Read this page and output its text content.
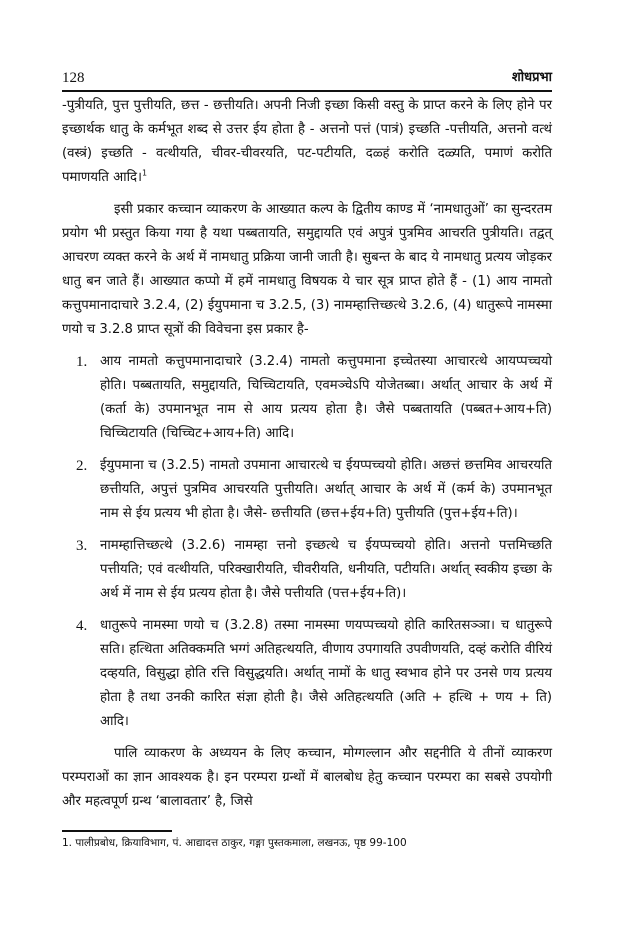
128	शोधप्रभा

-पुत्रीयति, पुत्त पुत्तीयति, छत्त - छत्तीयति। अपनी निजी इच्छा किसी वस्तु के प्राप्त करने के लिए होने पर इच्छार्थक धातु के कर्मभूत शब्द से उत्तर ईय होता है - अत्तनो पत्तं (पात्रं) इच्छति -पत्तीयति, अत्तनो वत्थं (वस्त्रं) इच्छति - वत्थीयति, चीवर-चीवरयति, पट-पटीयति, दळ्हं करोति दळ्यति, पमाणं करोति पमाणयति आदि।$^1$

इसी प्रकार कच्चान व्याकरण के आख्यात कल्प के द्वितीय काण्ड में ‘नामधातुओं’ का सुन्दरतम प्रयोग भी प्रस्तुत किया गया है यथा पब्बतायति, समुद्दायति एवं अपुत्रं पुत्रमिव आचरति पुत्रीयति। तद्वत् आचरण व्यक्त करने के अर्थ में नामधातु प्रक्रिया जानी जाती है। सुबन्त के बाद ये नामधातु प्रत्यय जोड़कर धातु बन जाते हैं। आख्यात कप्पो में हमें नामधातु विषयक ये चार सूत्र प्राप्त होते हैं - (1) आय नामतो कत्तुपमानादाचारे 3.2.4, (2) ईयुपमाना च 3.2.5, (3) नामम्हात्तिच्छत्थे 3.2.6, (4) धातुरूपे नामस्मा णयो च 3.2.8 प्राप्त सूत्रों की विवेचना इस प्रकार है-

1. आय नामतो कत्तुपमानादाचारे (3.2.4) नामतो कत्तुपमाना इच्चेतस्या आचारत्थे आयप्पच्चयो होति। पब्बतायति, समुद्दायति, चिच्चिटायति, एवमञ्चेऽपि योजेतब्बा। अर्थात् आचार के अर्थ में (कर्ता के) उपमानभूत नाम से आय प्रत्यय होता है। जैसे पब्बतायति (पब्बत+आय+ति) चिच्चिटायति (चिच्चिट+आय+ति) आदि।
2. ईयुपमाना च (3.2.5) नामतो उपमाना आचारत्थे च ईयप्पच्चयो होति। अछत्तं छत्तमिव आचरयति छत्तीयति, अपुत्तं पुत्रमिव आचरयति पुत्तीयति। अर्थात् आचार के अर्थ में (कर्म के) उपमानभूत नाम से ईय प्रत्यय भी होता है। जैसे- छत्तीयति (छत्त+ईय+ति) पुत्तीयति (पुत्त+ईय+ति)।
3. नामम्हात्तिच्छत्थे (3.2.6) नामम्हा त्तनो इच्छत्थे च ईयप्पच्चयो होति। अत्तनो पत्तमिच्छति पत्तीयति; एवं वत्थीयति, परिक्खारीयति, चीवरीयति, धनीयति, पटीयति। अर्थात् स्वकीय इच्छा के अर्थ में नाम से ईय प्रत्यय होता है। जैसे पत्तीयति (पत्त+ईय+ति)।
4. धातुरूपे नामस्मा णयो च (3.2.8) तस्मा नामस्मा णयप्पच्चयो होति कारितसञ्ञा। च धातुरूपे सति। हत्थिता अतिक्कमति भग्गं अतिहत्थयति, वीणाय उपगायति उपवीणयति, दव्हं करोति वीरियं दव्हयति, विसुद्धा होति रत्ति विसुद्धयति। अर्थात् नामों के धातु स्वभाव होने पर उनसे णय प्रत्यय होता है तथा उनकी कारित संज्ञा होती है। जैसे अतिहत्थयति (अति + हत्थि + णय + ति) आदि।

पालि व्याकरण के अध्ययन के लिए कच्चान, मोग्गल्लान और सद्दनीति ये तीनों व्याकरण परम्पराओं का ज्ञान आवश्यक है। इन परम्परा ग्रन्थों में बालबोध हेतु कच्चान परम्परा का सबसे उपयोगी और महत्वपूर्ण ग्रन्थ ‘बालावतार’ है, जिसे

1. पालीप्रबोध, क्रियाविभाग, पं. आद्यादत्त ठाकुर, गङ्गा पुस्तकमाला, लखनऊ, पृष्ठ 99-100
